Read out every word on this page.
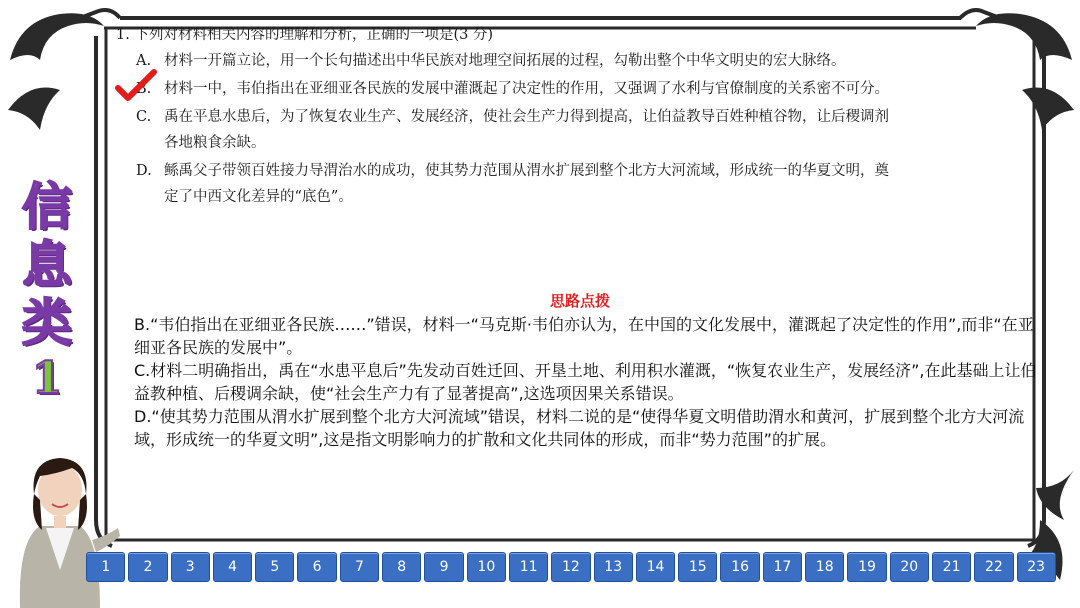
信
息
类
1
1. 下列对材料相关内容的理解和分析，正确的一项是(3 分)
A. 材料一开篇立论，用一个长句描述出中华民族对地理空间拓展的过程，勾勒出整个中华文明史的宏大脉络。
B. 材料一中，韦伯指出在亚细亚各民族的发展中灌溉起了决定性的作用，又强调了水利与官僚制度的关系密不可分。
C. 禹在平息水患后，为了恢复农业生产、发展经济，使社会生产力得到提高，让伯益教导百姓种植谷物，让后稷调剂各地粮食余缺。
D. 鲧禹父子带领百姓接力导渭治水的成功，使其势力范围从渭水扩展到整个北方大河流域，形成统一的华夏文明，奠定了中西文化差异的“底色”。
思路点拨

B.“韦伯指出在亚细亚各民族……”错误，材料一“马克斯·韦伯亦认为，在中国的文化发展中，灌溉起了决定性的作用”,而非“在亚细亚各民族的发展中”。

C.材料二明确指出，禹在“水患平息后”先发动百姓迁回、开垦土地、利用积水灌溉，“恢复农业生产，发展经济”,在此基础上让伯益教种植、后稷调余缺，使“社会生产力有了显著提高”,这选项因果关系错误。

D.“使其势力范围从渭水扩展到整个北方大河流域”错误，材料二说的是“使得华夏文明借助渭水和黄河，扩展到整个北方大河流域，形成统一的华夏文明”,这是指文明影响力的扩散和文化共同体的形成，而非“势力范围”的扩展。

1	2	3	4	5	6	7	8	9	10	11	12	13	14	15	16	17	18	19	20	21	22	23
